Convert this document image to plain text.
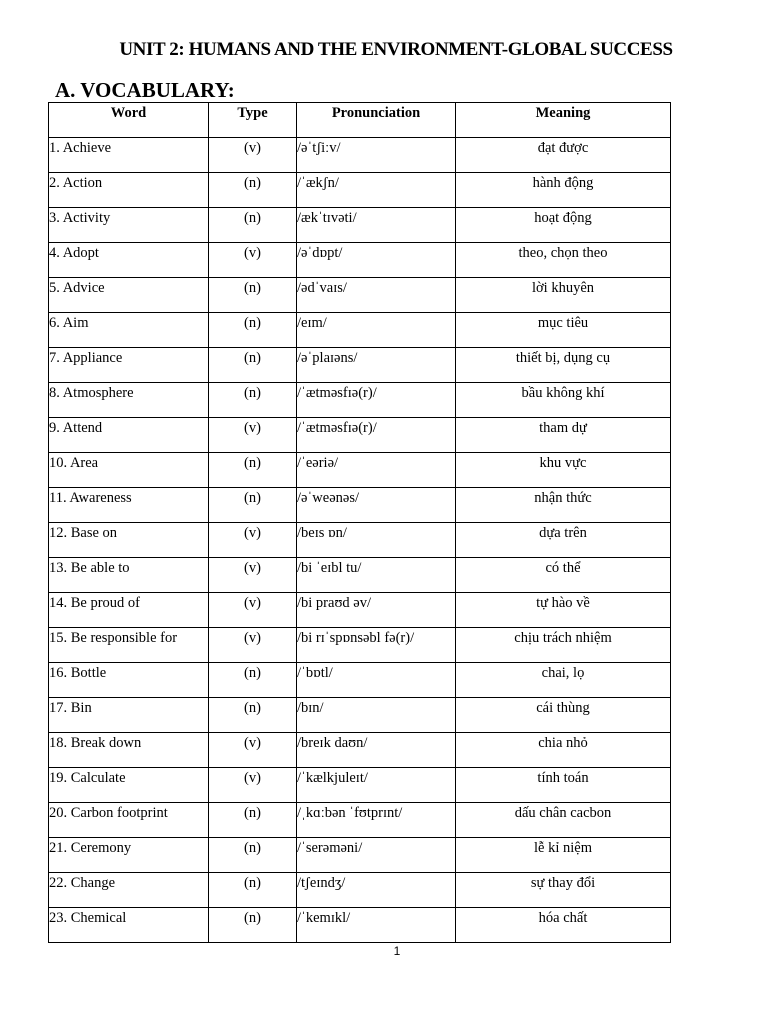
UNIT 2: HUMANS AND THE ENVIRONMENT-GLOBAL SUCCESS
A. VOCABULARY:
Word	Type	Pronunciation	Meaning
1. Achieve	(v)	/əˈtʃiːv/	đạt được
2. Action	(n)	/ˈækʃn/	hành động
3. Activity	(n)	/ækˈtɪvəti/	hoạt động
4. Adopt	(v)	/əˈdɒpt/	theo, chọn theo
5. Advice	(n)	/ədˈvaɪs/	lời khuyên
6. Aim	(n)	/eɪm/	mục tiêu
7. Appliance	(n)	/əˈplaɪəns/	thiết bị, dụng cụ
8. Atmosphere	(n)	/ˈætməsfɪə(r)/	bầu không khí
9. Attend	(v)	/ˈætməsfɪə(r)/	tham dự
10. Area	(n)	/ˈeəriə/	khu vực
11. Awareness	(n)	/əˈweənəs/	nhận thức
12. Base on	(v)	/beɪs ɒn/	dựa trên
13. Be able to	(v)	/bi ˈeɪbl tu/	có thể
14. Be proud of	(v)	/bi praʊd əv/	tự hào về
15. Be responsible for	(v)	/bi rɪˈspɒnsəbl fə(r)/	chịu trách nhiệm
16. Bottle	(n)	/ˈbɒtl/	chai, lọ
17. Bin	(n)	/bɪn/	cái thùng
18. Break down	(v)	/breɪk daʊn/	chia nhỏ
19. Calculate	(v)	/ˈkælkjuleɪt/	tính toán
20. Carbon footprint	(n)	/ˌkɑːbən ˈfʊtprɪnt/	dấu chân cacbon
21. Ceremony	(n)	/ˈserəməni/	lễ kỉ niệm
22. Change	(n)	/tʃeɪndʒ/	sự thay đổi
23. Chemical	(n)	/ˈkemɪkl/	hóa chất
1
